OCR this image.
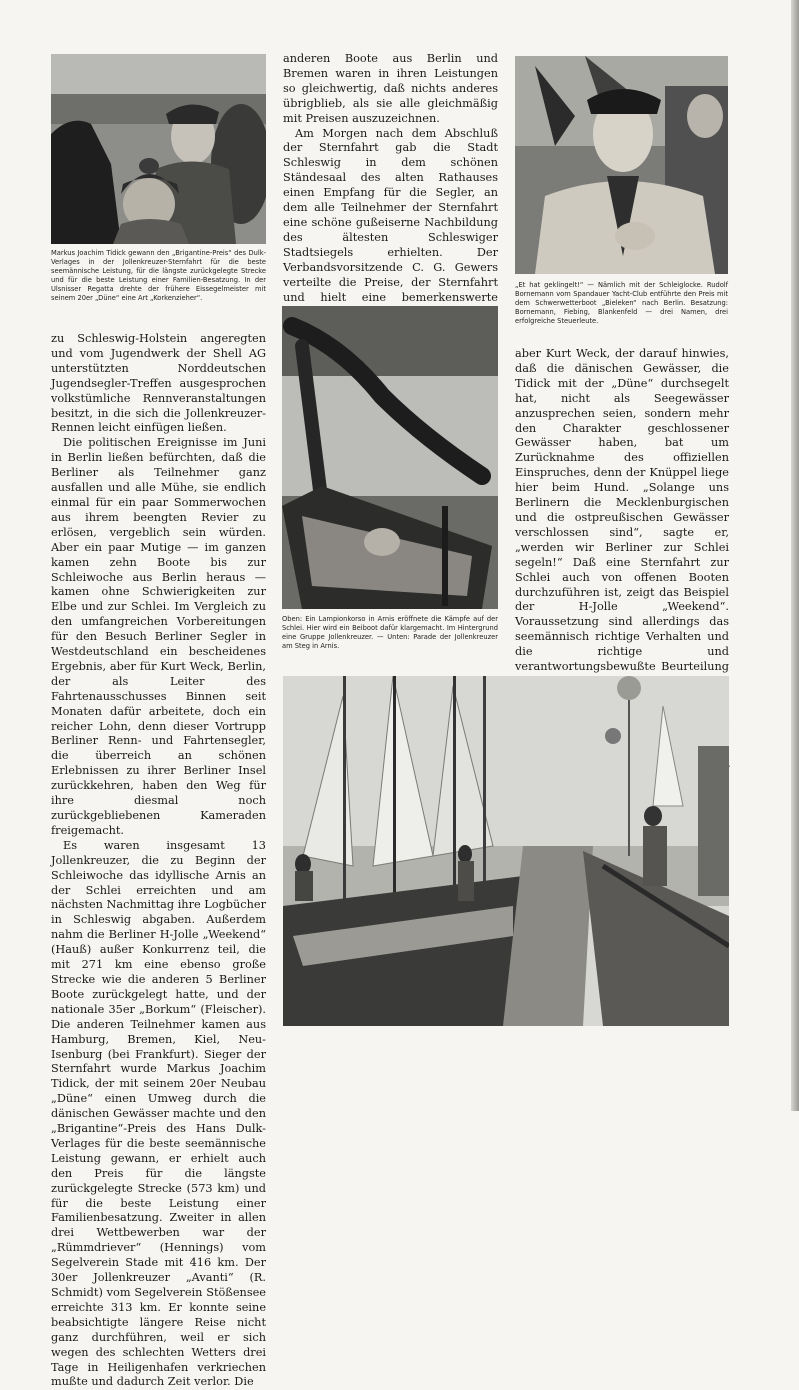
Markus Joachim Tidick gewann den „Brigantine-Preis“ des Dulk-Verlages in der Jollenkreuzer-Sternfahrt für die beste seemännische Leistung, für die längste zurückgelegte Strecke und für die beste Leistung einer Familien-Besatzung. In der Ulsnisser Regatta drehte der frühere Eissegelmeister mit seinem 20er „Düne“ eine Art „Korkenzieher“.

anderen Boote aus Berlin und Bremen waren in ihren Leistungen so gleichwertig, daß nichts anderes übrigblieb, als sie alle gleichmäßig mit Preisen auszuzeichnen.

Am Morgen nach dem Abschluß der Sternfahrt gab die Stadt Schleswig in dem schönen Ständesaal des alten Rathauses einen Empfang für die Segler, an dem alle Teilnehmer der Sternfahrt eine schöne gußeiserne Nachbildung des ältesten Schleswiger Stadtsiegels erhielten. Der Verbandsvorsitzende C. G. Gewers verteilte die Preise, der Sternfahrt und hielt eine bemerkenswerte

„Et hat geklingelt!“ — Nämlich mit der Schleiglocke. Rudolf Bornemann vom Spandauer Yacht-Club entführte den Preis mit dem Schwerwetterboot „Bieleken“ nach Berlin. Besatzung: Bornemann, Fiebing, Blankenfeld — drei Namen, drei erfolgreiche Steuerleute.

Oben: Ein Lampionkorso in Arnis eröffnete die Kämpfe auf der Schlei. Hier wird ein Beiboot dafür klargemacht. Im Hintergrund eine Gruppe Jollenkreuzer. — Unten: Parade der Jollenkreuzer am Steg in Arnis.

zu Schleswig-Holstein angeregten und vom Jugendwerk der Shell AG unterstützten Norddeutschen Jugendsegler-Treffen ausgesprochen volkstümliche Rennveranstaltungen besitzt, in die sich die Jollenkreuzer-Rennen leicht einfügen ließen.

Die politischen Ereignisse im Juni in Berlin ließen befürchten, daß die Berliner als Teilnehmer ganz ausfallen und alle Mühe, sie endlich einmal für ein paar Sommerwochen aus ihrem beengten Revier zu erlösen, vergeblich sein würden. Aber ein paar Mutige — im ganzen kamen zehn Boote bis zur Schleiwoche aus Berlin heraus — kamen ohne Schwierigkeiten zur Elbe und zur Schlei. Im Vergleich zu den umfangreichen Vorbereitungen für den Besuch Berliner Segler in Westdeutschland ein bescheidenes Ergebnis, aber für Kurt Weck, Berlin, der als Leiter des Fahrtenausschusses Binnen seit Monaten dafür arbeitete, doch ein reicher Lohn, denn dieser Vortrupp Berliner Renn- und Fahrtensegler, die überreich an schönen Erlebnissen zu ihrer Berliner Insel zurückkehren, haben den Weg für ihre diesmal noch zurückgebliebenen Kameraden freigemacht.

Es waren insgesamt 13 Jollenkreuzer, die zu Beginn der Schleiwoche das idyllische Arnis an der Schlei erreichten und am nächsten Nachmittag ihre Logbücher in Schleswig abgaben. Außerdem nahm die Berliner H-Jolle „Weekend“ (Hauß) außer Konkurrenz teil, die mit 271 km eine ebenso große Strecke wie die anderen 5 Berliner Boote zurückgelegt hatte, und der nationale 35er „Borkum“ (Fleischer). Die anderen Teilnehmer kamen aus Hamburg, Bremen, Kiel, Neu-Isenburg (bei Frankfurt). Sieger der Sternfahrt wurde Markus Joachim Tidick, der mit seinem 20er Neubau „Düne“ einen Umweg durch die dänischen Gewässer machte und den „Brigantine“-Preis des Hans Dulk-Verlages für die beste seemännische Leistung gewann, er erhielt auch den Preis für die längste zurückgelegte Strecke (573 km) und für die beste Leistung einer Familienbesatzung. Zweiter in allen drei Wettbewerben war der „Rümmdriever“ (Hennings) vom Segelverein Stade mit 416 km. Der 30er Jollenkreuzer „Avanti“ (R. Schmidt) vom Segelverein Stößensee erreichte 313 km. Er konnte seine beabsichtigte längere Reise nicht ganz durchführen, weil er sich wegen des schlechten Wetters drei Tage in Heiligenhafen verkriechen mußte und dadurch Zeit verlor. Die

aber Kurt Weck, der darauf hinwies, daß die dänischen Gewässer, die Tidick mit der „Düne“ durchsegelt hat, nicht als Seegewässer anzusprechen seien, sondern mehr den Charakter geschlossener Gewässer haben, bat um Zurücknahme des offiziellen Einspruches, denn der Knüppel liege hier beim Hund. „Solange uns Berlinern die Mecklenburgischen und die ostpreußischen Gewässer verschlossen sind“, sagte er, „werden wir Berliner zur Schlei segeln!“ Daß eine Sternfahrt zur Schlei auch von offenen Booten durchzuführen ist, zeigt das Beispiel der H-Jolle „Weekend“. Voraussetzung sind allerdings das seemännisch richtige Verhalten und die richtige und verantwortungsbewußte Beurteilung
